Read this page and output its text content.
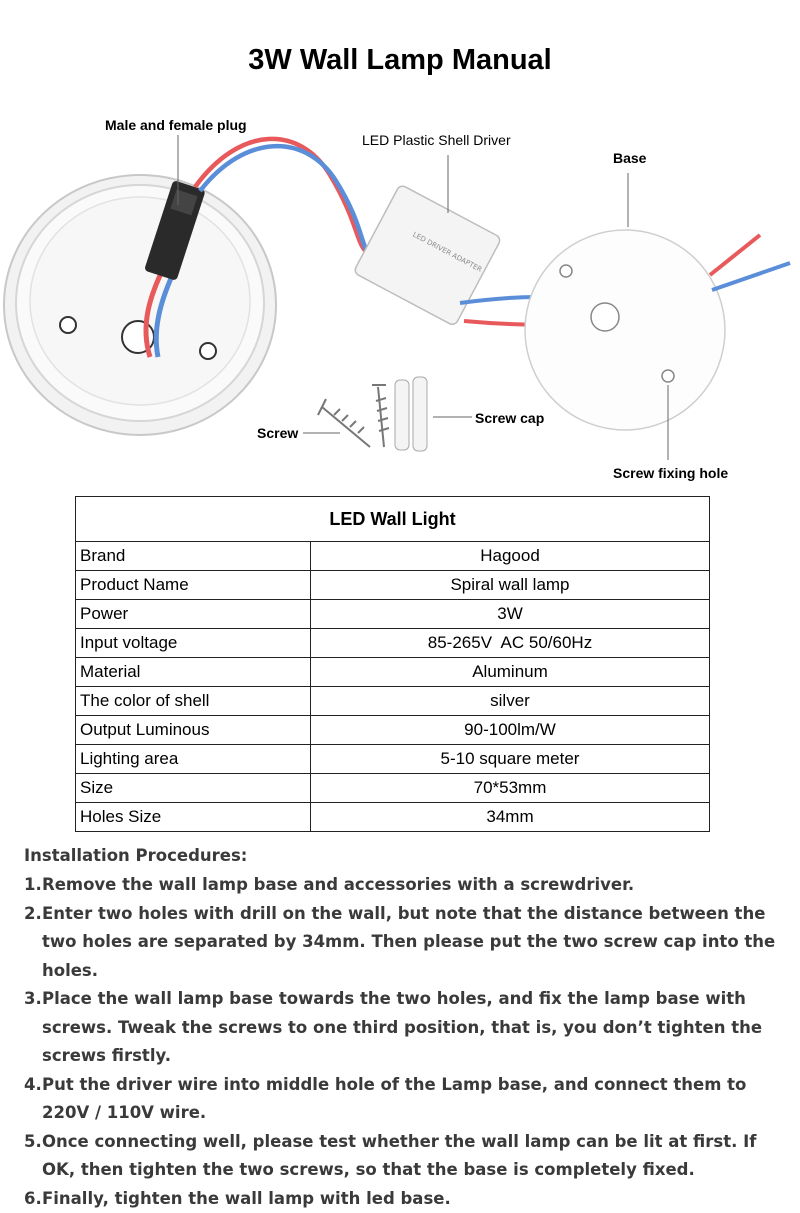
3W Wall Lamp Manual
LED DRIVER ADAPTER
Male and female plug
LED Plastic Shell Driver
Base
Screw
Screw cap
Screw fixing hole
LED Wall Light	
Brand	Hagood
Product Name	Spiral wall lamp
Power	3W
Input voltage	85-265V  AC 50/60Hz
Material	Aluminum
The color of shell	silver
Output Luminous	90-100lm/W
Lighting area	5-10 square meter
Size	70*53mm
Holes Size	34mm
Installation Procedures:
1. Remove the wall lamp base and accessories with a screwdriver.
2. Enter two holes with drill on the wall, but note that the distance between the two holes are separated by 34mm. Then please put the two screw cap into the holes.
3. Place the wall lamp base towards the two holes, and fix the lamp base with screws. Tweak the screws to one third position, that is, you don’t tighten the screws firstly.
4. Put the driver wire into middle hole of the Lamp base, and connect them to 220V / 110V wire.
5. Once connecting well, please test whether the wall lamp can be lit at first. If OK, then tighten the two screws, so that the base is completely fixed.
6. Finally, tighten the wall lamp with led base.
